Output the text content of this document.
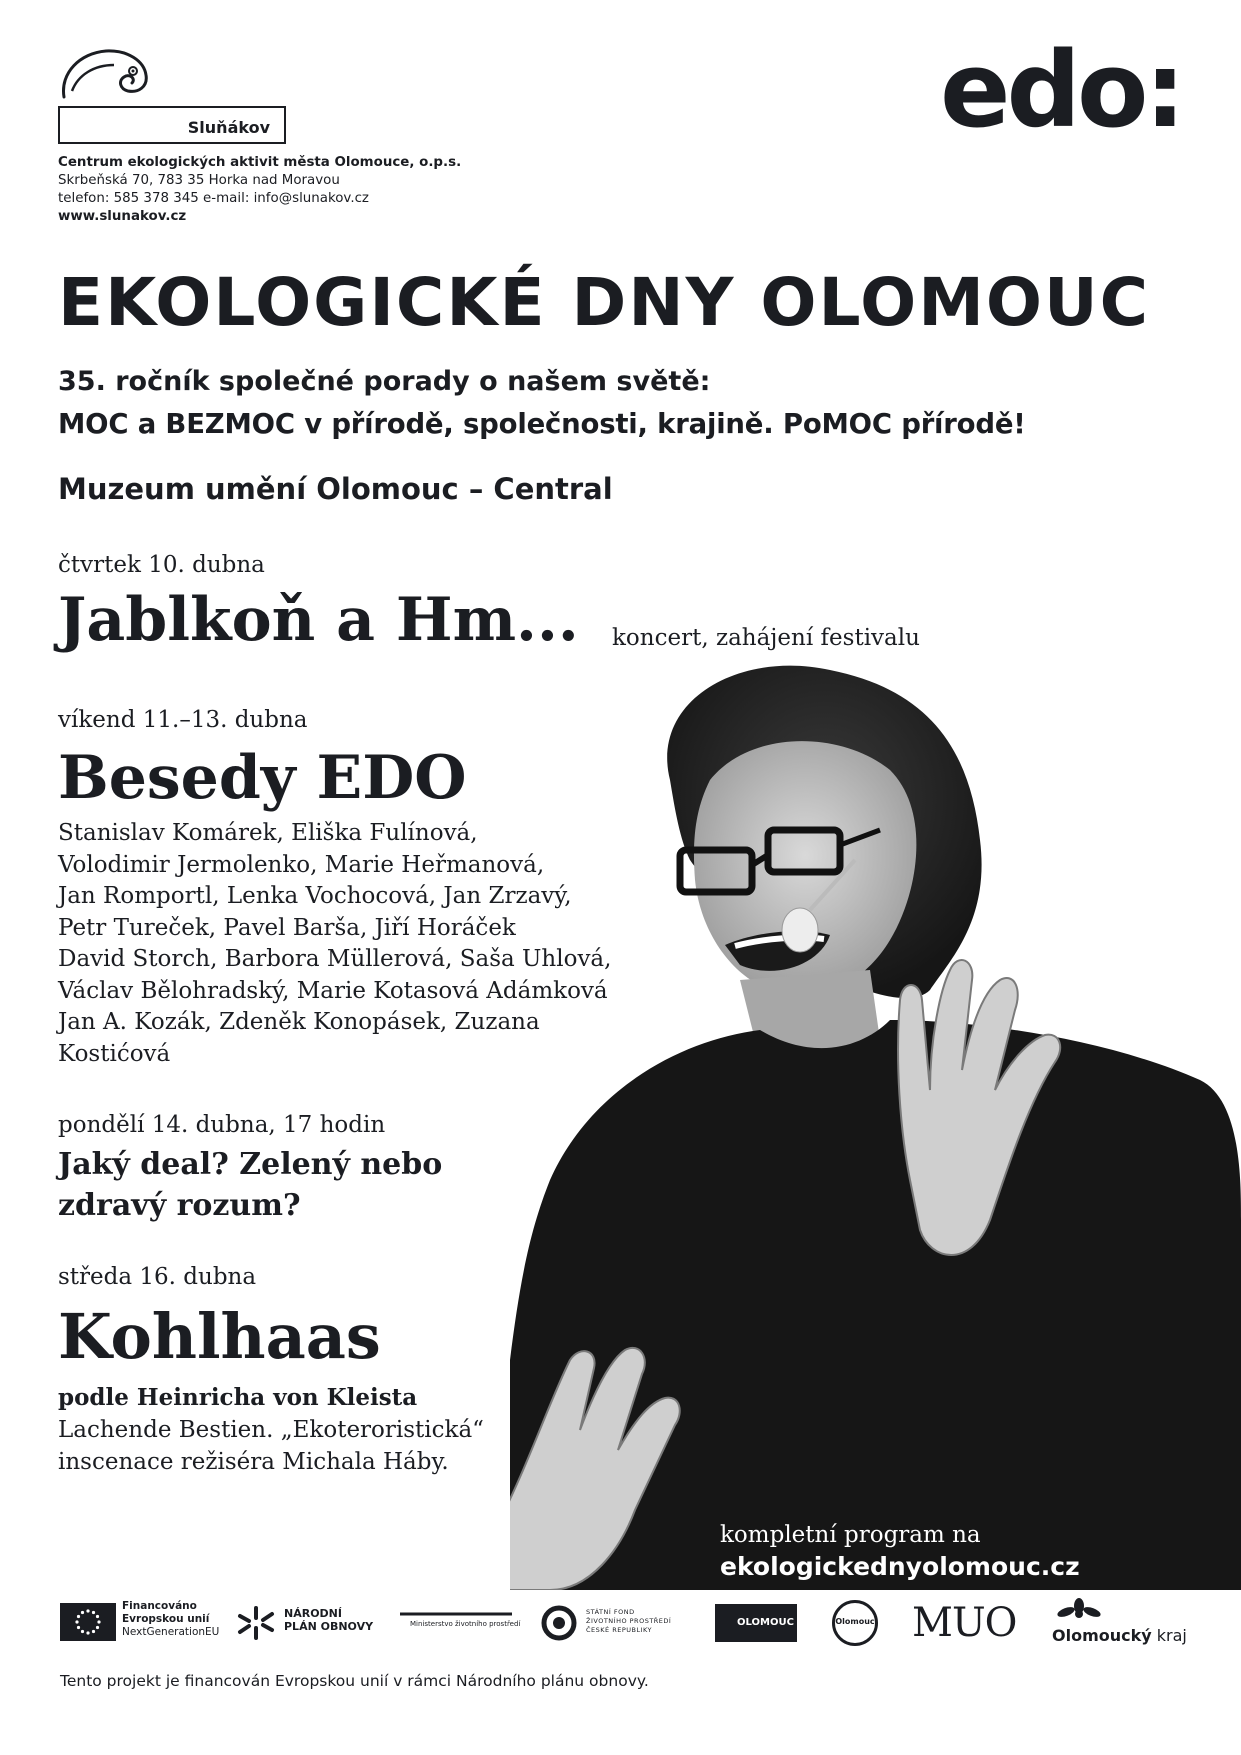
Sluňákov
Centrum ekologických aktivit města Olomouce, o.p.s.
Skrbeňská 70, 783 35 Horka nad Moravou
telefon: 585 378 345 e-mail: info@slunakov.cz
www.slunakov.cz
edo:
EKOLOGICKÉ DNY OLOMOUC
35. ročník společné porady o našem světě:
MOC a BEZMOC v přírodě, společnosti, krajině. PoMOC přírodě!
Muzeum umění Olomouc – Central
čtvrtek 10. dubna
Jablkoň a Hm... koncert, zahájení festivalu
víkend 11.–13. dubna
Besedy EDO
Stanislav Komárek, Eliška Fulínová,
Volodimir Jermolenko, Marie Heřmanová,
Jan Romportl, Lenka Vochocová, Jan Zrzavý,
Petr Tureček, Pavel Barša, Jiří Horáček
David Storch, Barbora Müllerová, Saša Uhlová,
Václav Bělohradský, Marie Kotasová Adámková
Jan A. Kozák, Zdeněk Konopásek, Zuzana
Kostićová
pondělí 14. dubna, 17 hodin
Jaký deal? Zelený nebo
zdravý rozum?
středa 16. dubna
Kohlhaas
podle Heinricha von Kleista
Lachende Bestien. „Ekoteroristická“
inscenace režiséra Michala Háby.
kompletní program na
ekologickednyolomouc.cz
Financováno
Evropskou unií
NextGenerationEU
NÁRODNÍ
PLÁN OBNOVY	Ministerstvo životního prostředí
STÁTNÍ FOND
ŽIVOTNÍHO PROSTŘEDÍ
ČESKÉ REPUBLIKY
OLOMOUC	Olomouc MUO Olomoucký kraj
Tento projekt je financován Evropskou unií v rámci Národního plánu obnovy.
